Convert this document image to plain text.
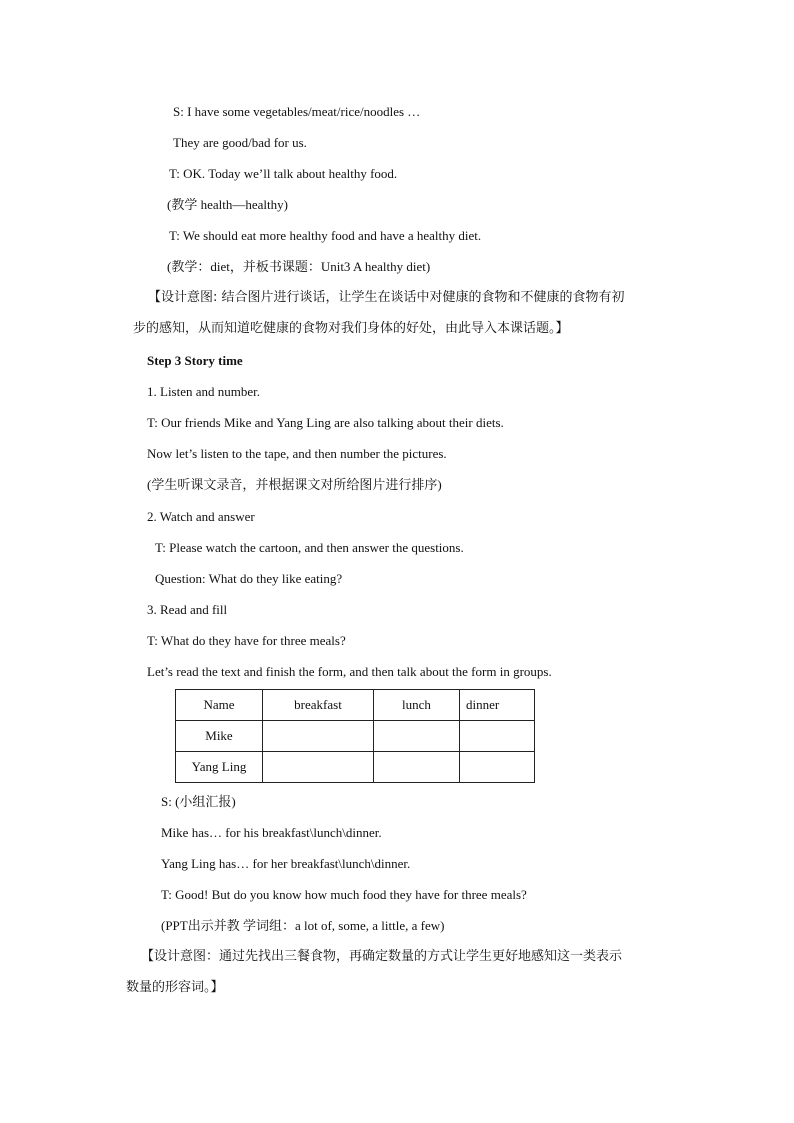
S: I have some vegetables/meat/rice/noodles …
They are good/bad for us.
T: OK. Today we’ll talk about healthy food.
(教学 health—healthy)
T: We should eat more healthy food and have a healthy diet.
(教学：diet，并板书课题：Unit3 A healthy diet)
【设计意图: 结合图片进行谈话，让学生在谈话中对健康的食物和不健康的食物有初
步的感知，从而知道吃健康的食物对我们身体的好处，由此导入本课话题。】
Step 3 Story time
1. Listen and number.
T: Our friends Mike and Yang Ling are also talking about their diets.
Now let’s listen to the tape, and then number the pictures.
(学生听课文录音，并根据课文对所给图片进行排序)
2. Watch and answer
T: Please watch the cartoon, and then answer the questions.
Question: What do they like eating?
3. Read and fill
T: What do they have for three meals?
Let’s read the text and finish the form, and then talk about the form in groups.
Name	breakfast	lunch	dinner
Mike			
Yang Ling			
S: (小组汇报)
Mike has… for his breakfast\lunch\dinner.
Yang Ling has… for her breakfast\lunch\dinner.
T: Good! But do you know how much food they have for three meals?
(PPT出示并教 学词组：a lot of, some, a little, a few)
【设计意图：通过先找出三餐食物，再确定数量的方式让学生更好地感知这一类表示
数量的形容词。】
